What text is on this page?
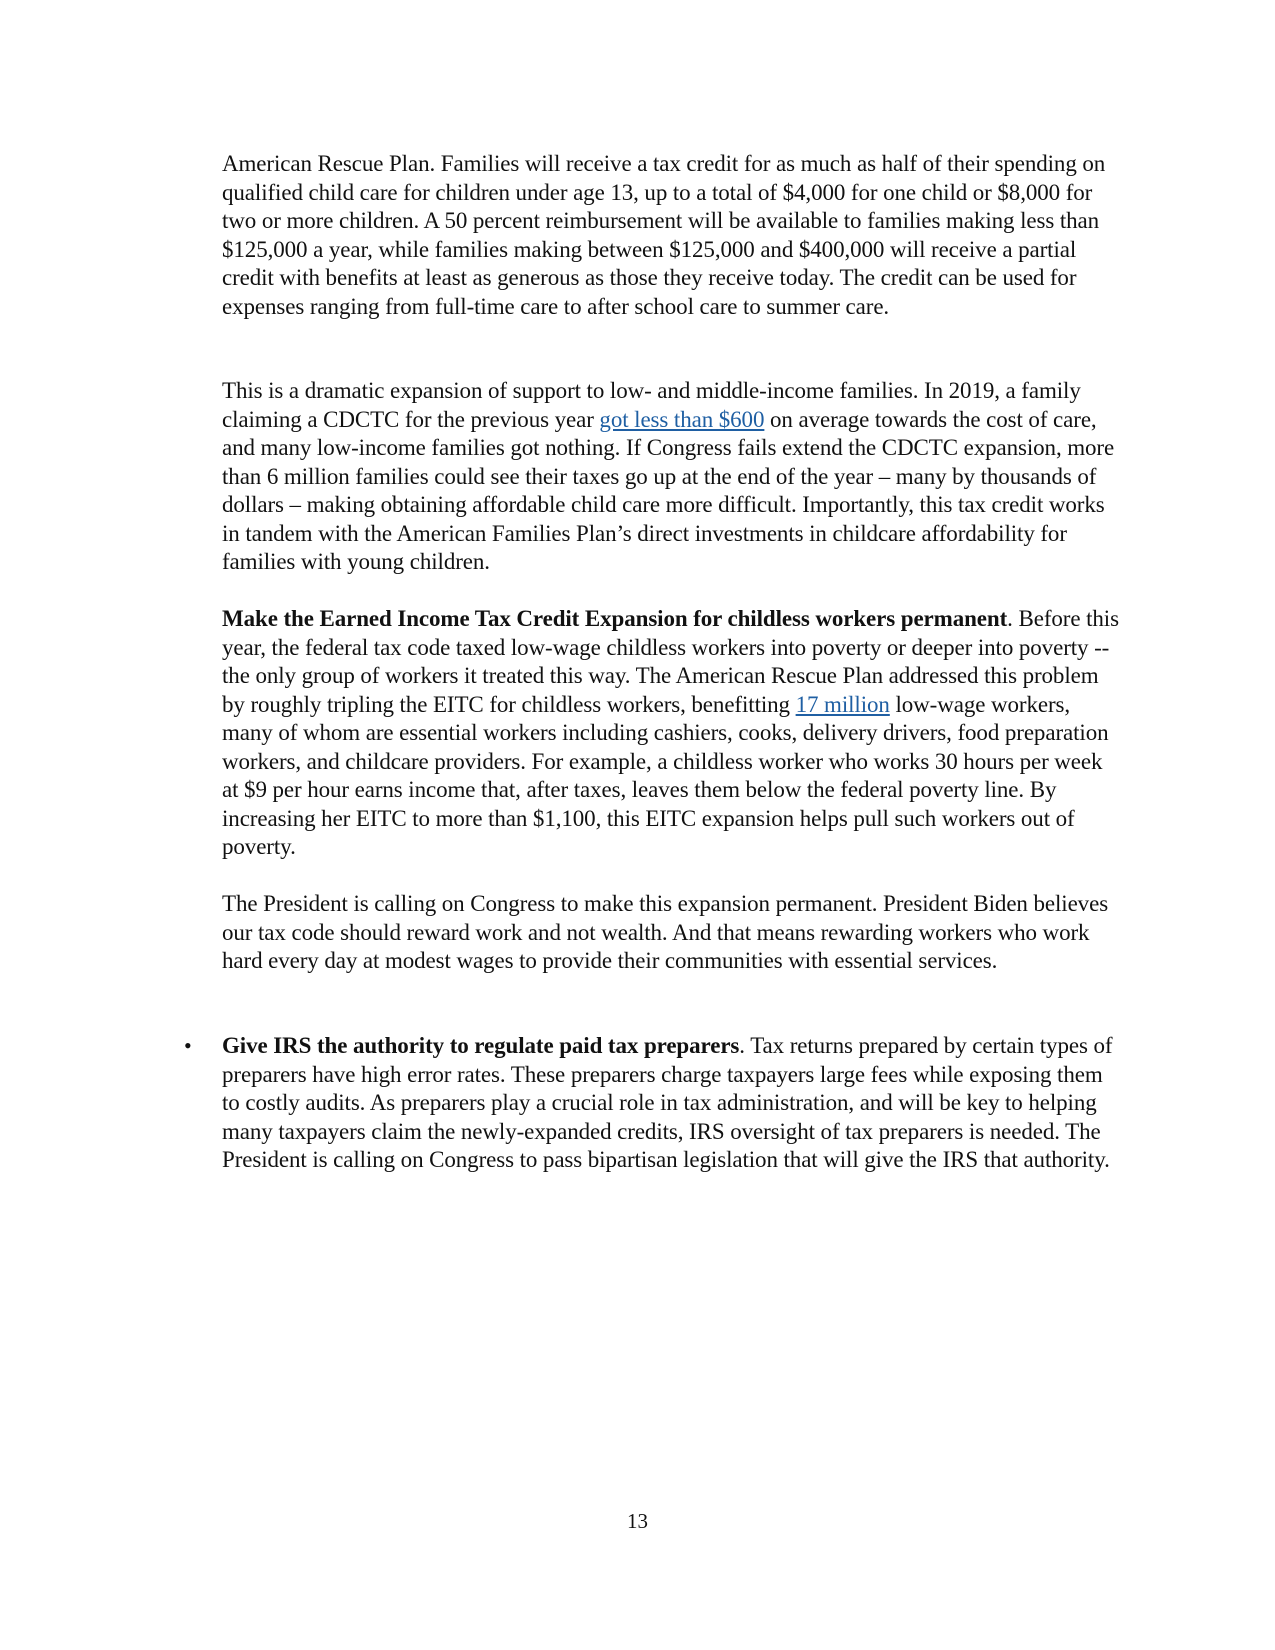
American Rescue Plan. Families will receive a tax credit for as much as half of their spending on qualified child care for children under age 13, up to a total of $4,000 for one child or $8,000 for two or more children. A 50 percent reimbursement will be available to families making less than $125,000 a year, while families making between $125,000 and $400,000 will receive a partial credit with benefits at least as generous as those they receive today. The credit can be used for expenses ranging from full-time care to after school care to summer care.

This is a dramatic expansion of support to low- and middle-income families. In 2019, a family claiming a CDCTC for the previous year got less than $600 on average towards the cost of care, and many low-income families got nothing. If Congress fails extend the CDCTC expansion, more than 6 million families could see their taxes go up at the end of the year – many by thousands of dollars – making obtaining affordable child care more difficult. Importantly, this tax credit works in tandem with the American Families Plan’s direct investments in childcare affordability for families with young children.

Make the Earned Income Tax Credit Expansion for childless workers permanent. Before this year, the federal tax code taxed low-wage childless workers into poverty or deeper into poverty -- the only group of workers it treated this way. The American Rescue Plan addressed this problem by roughly tripling the EITC for childless workers, benefitting 17 million low-wage workers, many of whom are essential workers including cashiers, cooks, delivery drivers, food preparation workers, and childcare providers. For example, a childless worker who works 30 hours per week at $9 per hour earns income that, after taxes, leaves them below the federal poverty line. By increasing her EITC to more than $1,100, this EITC expansion helps pull such workers out of poverty.

The President is calling on Congress to make this expansion permanent. President Biden believes our tax code should reward work and not wealth. And that means rewarding workers who work hard every day at modest wages to provide their communities with essential services.

• Give IRS the authority to regulate paid tax preparers. Tax returns prepared by certain types of preparers have high error rates. These preparers charge taxpayers large fees while exposing them to costly audits. As preparers play a crucial role in tax administration, and will be key to helping many taxpayers claim the newly-expanded credits, IRS oversight of tax preparers is needed. The President is calling on Congress to pass bipartisan legislation that will give the IRS that authority.

13
